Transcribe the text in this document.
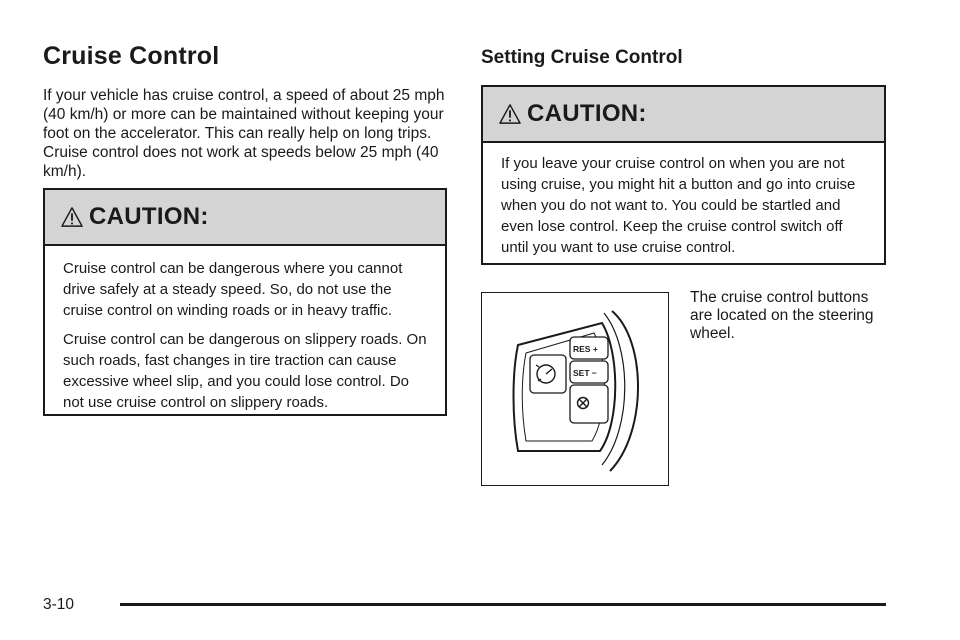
Cruise Control

If your vehicle has cruise control, a speed of about 25 mph (40 km/h) or more can be maintained without keeping your foot on the accelerator. This can really help on long trips. Cruise control does not work at speeds below 25 mph (40 km/h).

CAUTION:

Cruise control can be dangerous where you cannot drive safely at a steady speed. So, do not use the cruise control on winding roads or in heavy traffic.

Cruise control can be dangerous on slippery roads. On such roads, fast changes in tire traction can cause excessive wheel slip, and you could lose control. Do not use cruise control on slippery roads.

Setting Cruise Control
CAUTION:

If you leave your cruise control on when you are not using cruise, you might hit a button and go into cruise when you do not want to. You could be startled and even lose control. Keep the cruise control switch off until you want to use cruise control.

RES +
SET −

The cruise control buttons are located on the steering wheel.

3-10
